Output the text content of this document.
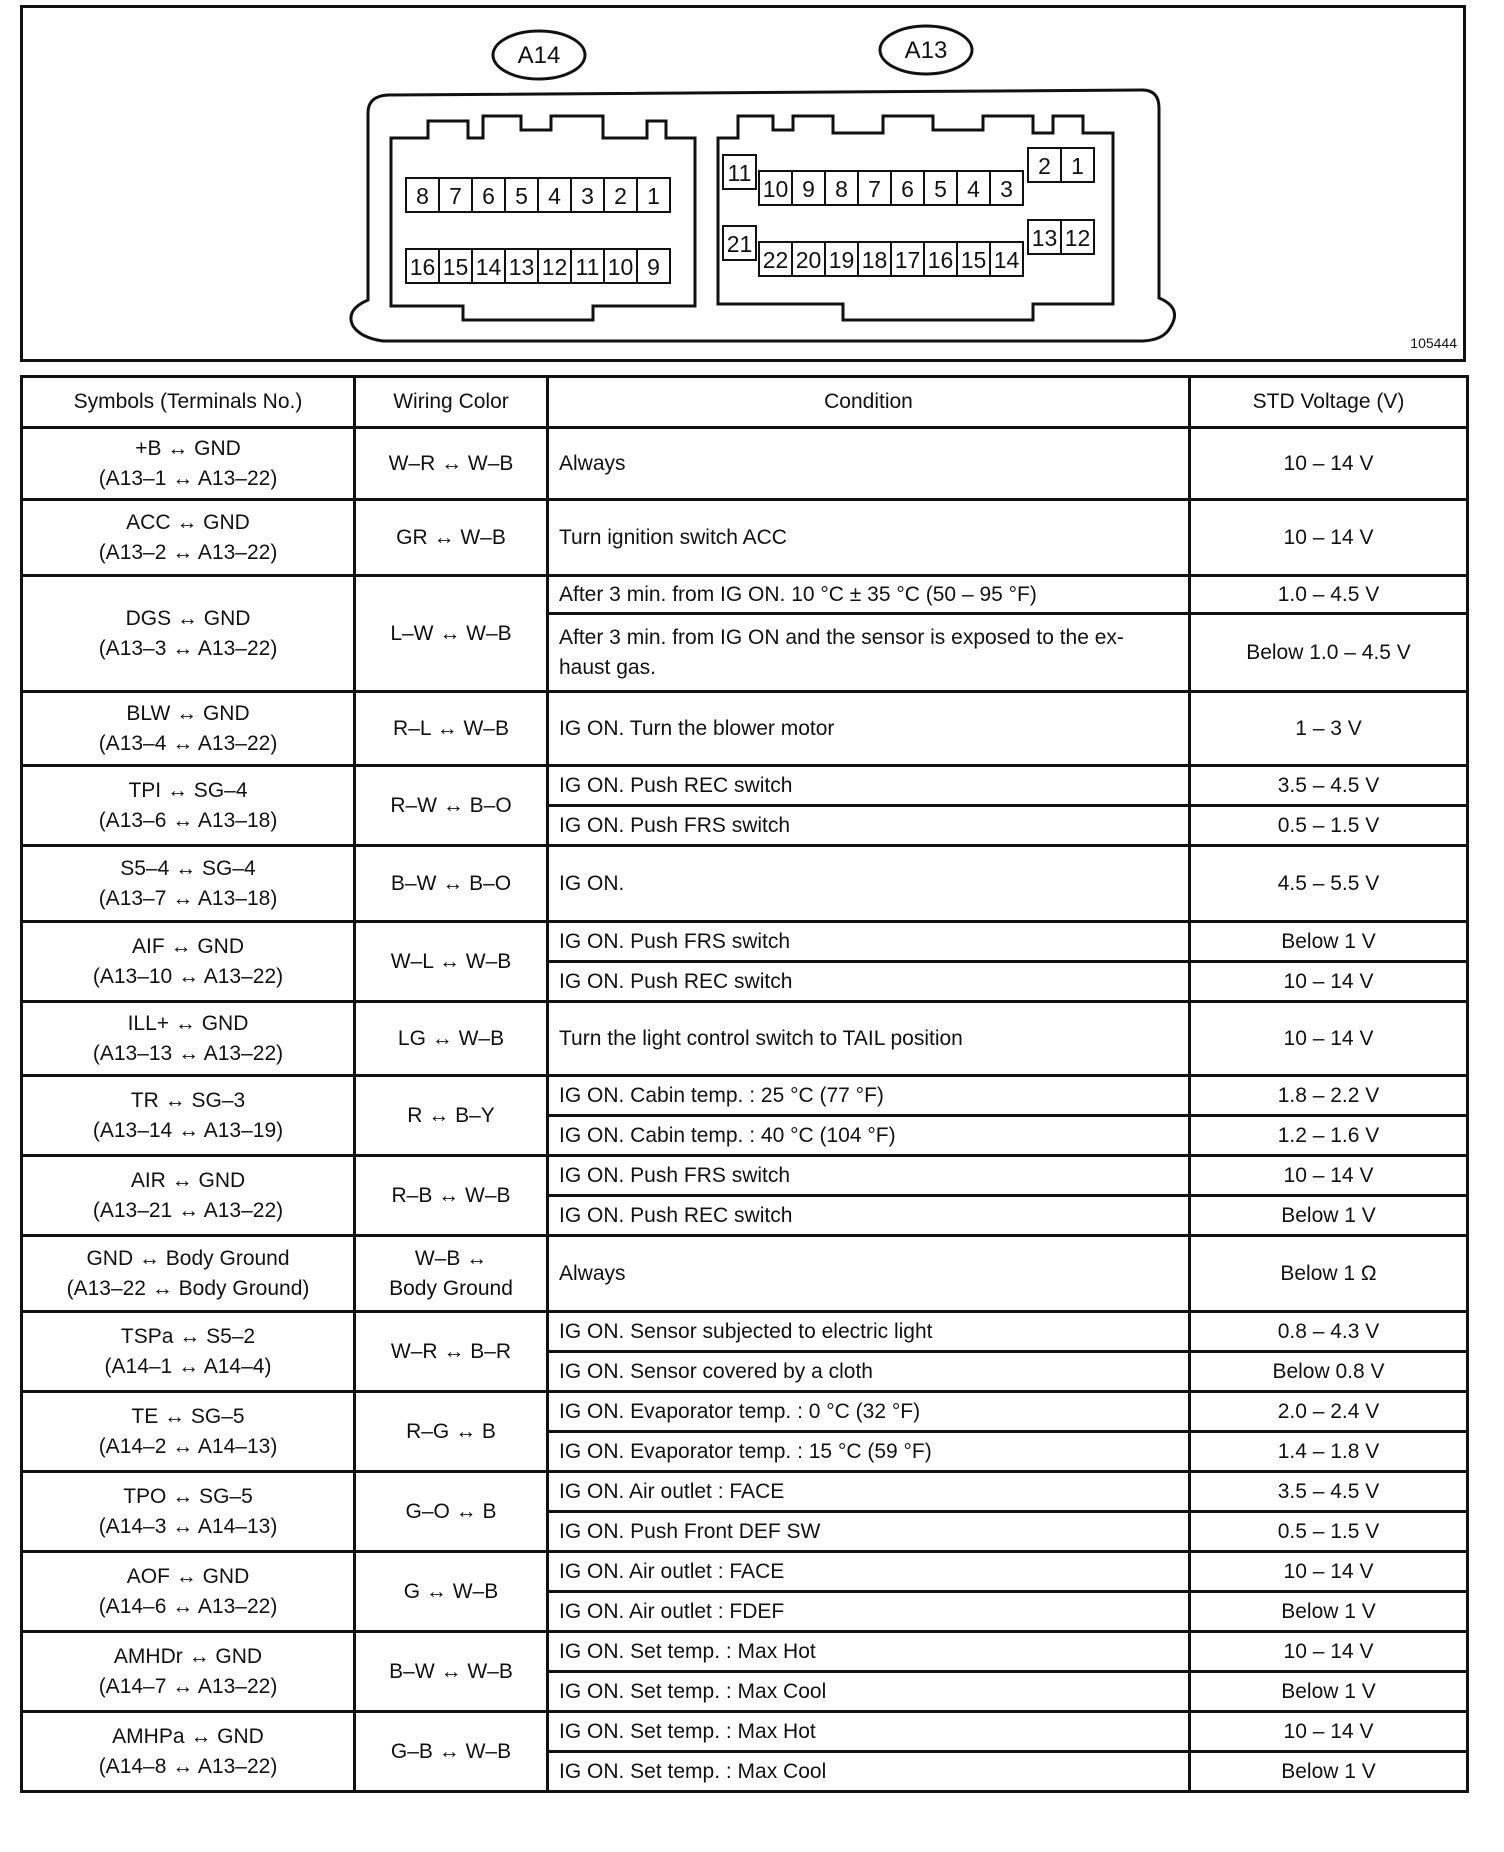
8 7 6 5 4 3 2 1
16 15 14 13 12 11 10 9
11
10 9 8 7 6 5 4 3
2 1
21
22 20 19 18 17 16 15 14
13 12
A14	A13
105444
Symbols (Terminals No.)	Wiring Color	Condition	STD Voltage (V)

+B ↔ GND
(A13–1 ↔ A13–22)	W–R ↔ W–B	Always	10 – 14 V

ACC ↔ GND
(A13–2 ↔ A13–22)	GR ↔ W–B	Turn ignition switch ACC	10 – 14 V

DGS ↔ GND
(A13–3 ↔ A13–22)	L–W ↔ W–B	After 3 min. from IG ON. 10 °C ± 35 °C (50 – 95 °F)	1.0 – 4.5 V

		After 3 min. from IG ON and the sensor is exposed to the ex-
haust gas.	Below 1.0 – 4.5 V

BLW ↔ GND
(A13–4 ↔ A13–22)	R–L ↔ W–B	IG ON. Turn the blower motor	1 – 3 V

TPI ↔ SG–4
(A13–6 ↔ A13–18)	R–W ↔ B–O	IG ON. Push REC switch	3.5 – 4.5 V

		IG ON. Push FRS switch	0.5 – 1.5 V

S5–4 ↔ SG–4
(A13–7 ↔ A13–18)	B–W ↔ B–O	IG ON.	4.5 – 5.5 V

AIF ↔ GND
(A13–10 ↔ A13–22)	W–L ↔ W–B	IG ON. Push FRS switch	Below 1 V

		IG ON. Push REC switch	10 – 14 V

ILL+ ↔ GND
(A13–13 ↔ A13–22)	LG ↔ W–B	Turn the light control switch to TAIL position	10 – 14 V

TR ↔ SG–3
(A13–14 ↔ A13–19)	R ↔ B–Y	IG ON. Cabin temp. : 25 °C (77 °F)	1.8 – 2.2 V

		IG ON. Cabin temp. : 40 °C (104 °F)	1.2 – 1.6 V

AIR ↔ GND
(A13–21 ↔ A13–22)	R–B ↔ W–B	IG ON. Push FRS switch	10 – 14 V

		IG ON. Push REC switch	Below 1 V

GND ↔ Body Ground
(A13–22 ↔ Body Ground)	W–B ↔
Body Ground	Always	Below 1 Ω

TSPa ↔ S5–2
(A14–1 ↔ A14–4)	W–R ↔ B–R	IG ON. Sensor subjected to electric light	0.8 – 4.3 V

		IG ON. Sensor covered by a cloth	Below 0.8 V

TE ↔ SG–5
(A14–2 ↔ A14–13)	R–G ↔ B	IG ON. Evaporator temp. : 0 °C (32 °F)	2.0 – 2.4 V

		IG ON. Evaporator temp. : 15 °C (59 °F)	1.4 – 1.8 V

TPO ↔ SG–5
(A14–3 ↔ A14–13)	G–O ↔ B	IG ON. Air outlet : FACE	3.5 – 4.5 V

		IG ON. Push Front DEF SW	0.5 – 1.5 V

AOF ↔ GND
(A14–6 ↔ A13–22)	G ↔ W–B	IG ON. Air outlet : FACE	10 – 14 V

		IG ON. Air outlet : FDEF	Below 1 V

AMHDr ↔ GND
(A14–7 ↔ A13–22)	B–W ↔ W–B	IG ON. Set temp. : Max Hot	10 – 14 V

		IG ON. Set temp. : Max Cool	Below 1 V

AMHPa ↔ GND
(A14–8 ↔ A13–22)	G–B ↔ W–B	IG ON. Set temp. : Max Hot	10 – 14 V

		IG ON. Set temp. : Max Cool	Below 1 V
